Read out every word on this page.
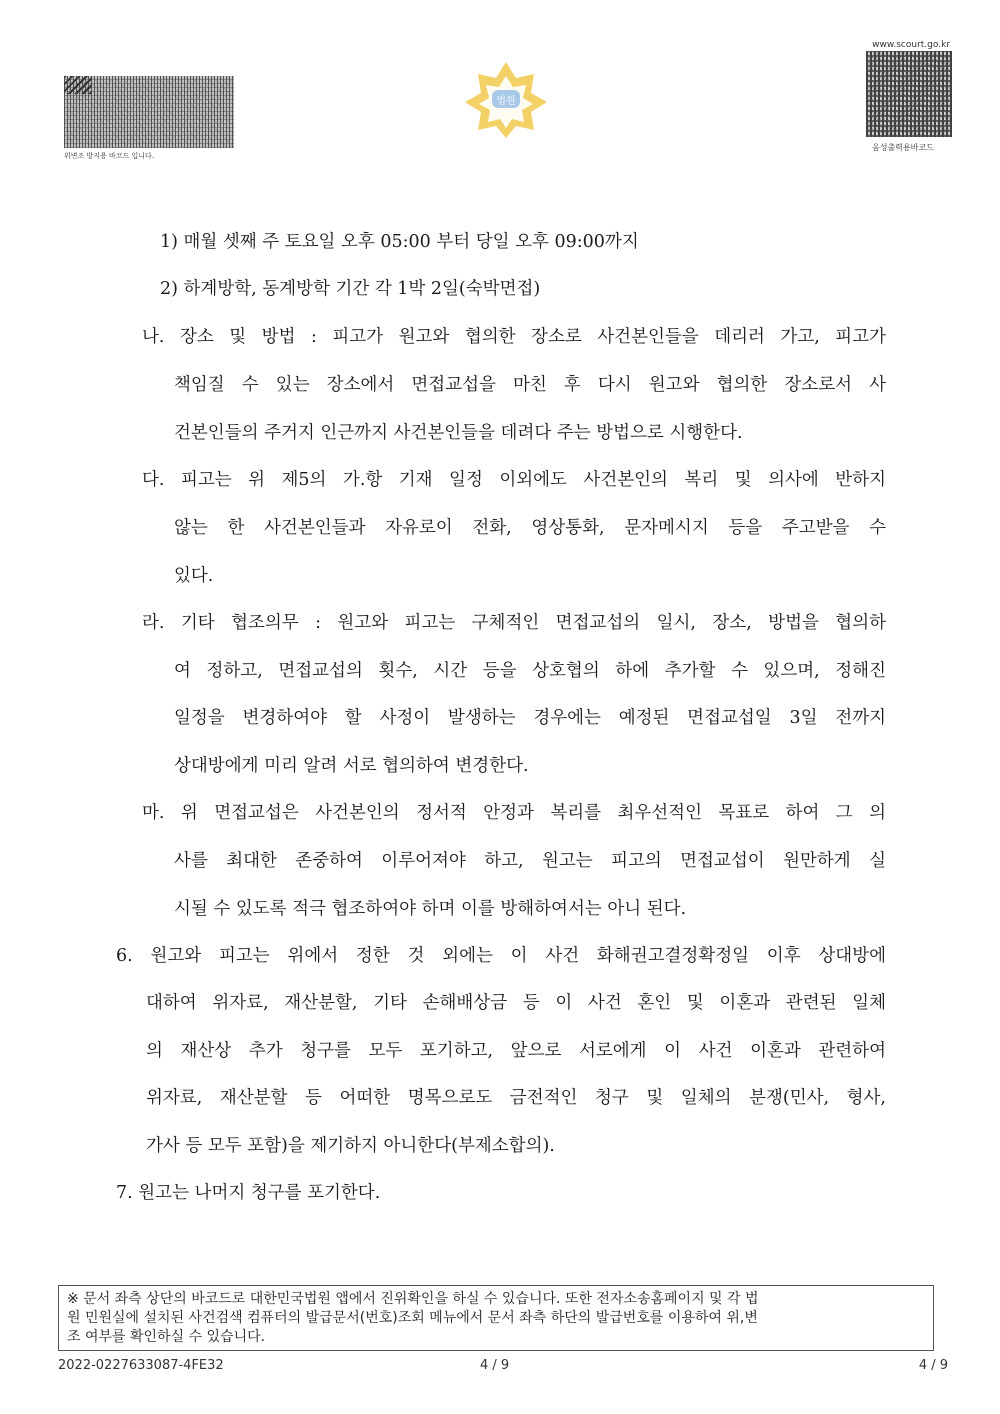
위변조 방지용 바코드 입니다.
법원
www.scourt.go.kr
음성출력용바코드
1) 매월 셋째 주 토요일 오후 05:00 부터 당일 오후 09:00까지
2) 하계방학, 동계방학 기간 각 1박 2일(숙박면접)
나. 장소 및 방법 : 피고가 원고와 협의한 장소로 사건본인들을 데리러 가고, 피고가
책임질 수 있는 장소에서 면접교섭을 마친 후 다시 원고와 협의한 장소로서 사
건본인들의 주거지 인근까지 사건본인들을 데려다 주는 방법으로 시행한다.
다. 피고는 위 제5의 가.항 기재 일정 이외에도 사건본인의 복리 및 의사에 반하지
않는 한 사건본인들과 자유로이 전화, 영상통화, 문자메시지 등을 주고받을 수
있다.
라. 기타 협조의무 : 원고와 피고는 구체적인 면접교섭의 일시, 장소, 방법을 협의하
여 정하고, 면접교섭의 횟수, 시간 등을 상호협의 하에 추가할 수 있으며, 정해진
일정을 변경하여야 할 사정이 발생하는 경우에는 예정된 면접교섭일 3일 전까지
상대방에게 미리 알려 서로 협의하여 변경한다.
마. 위 면접교섭은 사건본인의 정서적 안정과 복리를 최우선적인 목표로 하여 그 의
사를 최대한 존중하여 이루어져야 하고, 원고는 피고의 면접교섭이 원만하게 실
시될 수 있도록 적극 협조하여야 하며 이를 방해하여서는 아니 된다.
6. 원고와 피고는 위에서 정한 것 외에는 이 사건 화해권고결정확정일 이후 상대방에
대하여 위자료, 재산분할, 기타 손해배상금 등 이 사건 혼인 및 이혼과 관련된 일체
의 재산상 추가 청구를 모두 포기하고, 앞으로 서로에게 이 사건 이혼과 관련하여
위자료, 재산분할 등 어떠한 명목으로도 금전적인 청구 및 일체의 분쟁(민사, 형사,
가사 등 모두 포함)을 제기하지 아니한다(부제소합의).
7. 원고는 나머지 청구를 포기한다.
※ 문서 좌측 상단의 바코드로 대한민국법원 앱에서 진위확인을 하실 수 있습니다. 또한 전자소송홈페이지 및 각 법
원 민원실에 설치된 사건검색 컴퓨터의 발급문서(번호)조회 메뉴에서 문서 좌측 하단의 발급번호를 이용하여 위,변
조 여부를 확인하실 수 있습니다.
2022-0227633087-4FE32	4 / 9	4 / 9
